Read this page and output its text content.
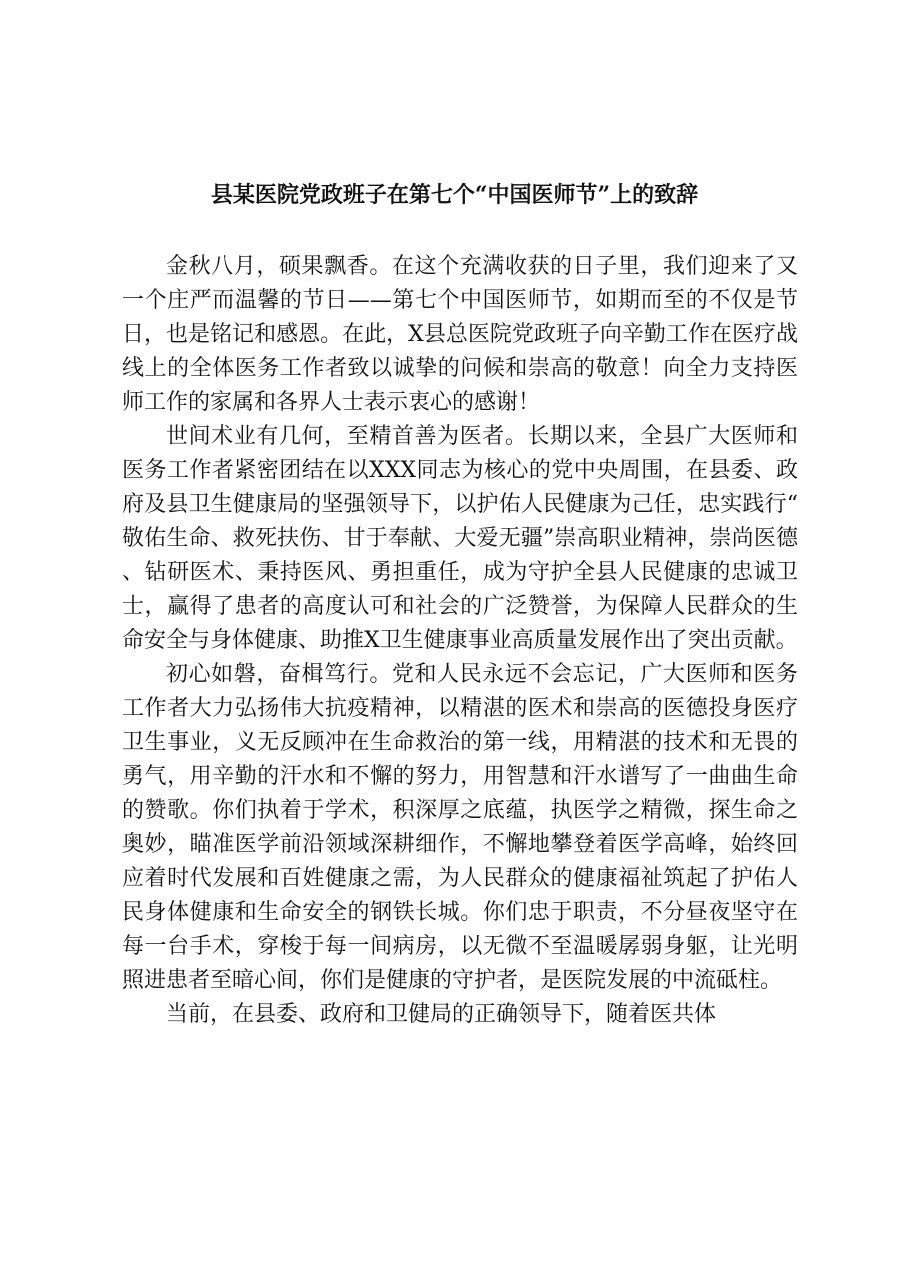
县某医院党政班子在第七个“中国医师节”上的致辞

金秋八月，硕果飘香。在这个充满收获的日子里，我们迎来了又一个庄严而温馨的节日——第七个中国医师节，如期而至的不仅是节日，也是铭记和感恩。在此，X县总医院党政班子向辛勤工作在医疗战线上的全体医务工作者致以诚挚的问候和崇高的敬意！向全力支持医师工作的家属和各界人士表示衷心的感谢！

世间术业有几何，至精首善为医者。长期以来，全县广大医师和医务工作者紧密团结在以XXX同志为核心的党中央周围，在县委、政府及县卫生健康局的坚强领导下，以护佑人民健康为己任，忠实践行“敬佑生命、救死扶伤、甘于奉献、大爱无疆”崇高职业精神，崇尚医德、钻研医术、秉持医风、勇担重任，成为守护全县人民健康的忠诚卫士，赢得了患者的高度认可和社会的广泛赞誉，为保障人民群众的生命安全与身体健康、助推X卫生健康事业高质量发展作出了突出贡献。

初心如磐，奋楫笃行。党和人民永远不会忘记，广大医师和医务工作者大力弘扬伟大抗疫精神，以精湛的医术和崇高的医德投身医疗卫生事业，义无反顾冲在生命救治的第一线，用精湛的技术和无畏的勇气，用辛勤的汗水和不懈的努力，用智慧和汗水谱写了一曲曲生命的赞歌。你们执着于学术，积深厚之底蕴，执医学之精微，探生命之奥妙，瞄准医学前沿领域深耕细作，不懈地攀登着医学高峰，始终回应着时代发展和百姓健康之需，为人民群众的健康福祉筑起了护佑人民身体健康和生命安全的钢铁长城。你们忠于职责，不分昼夜坚守在每一台手术，穿梭于每一间病房，以无微不至温暖孱弱身躯，让光明照进患者至暗心间，你们是健康的守护者，是医院发展的中流砥柱。

当前，在县委、政府和卫健局的正确领导下，随着医共体
